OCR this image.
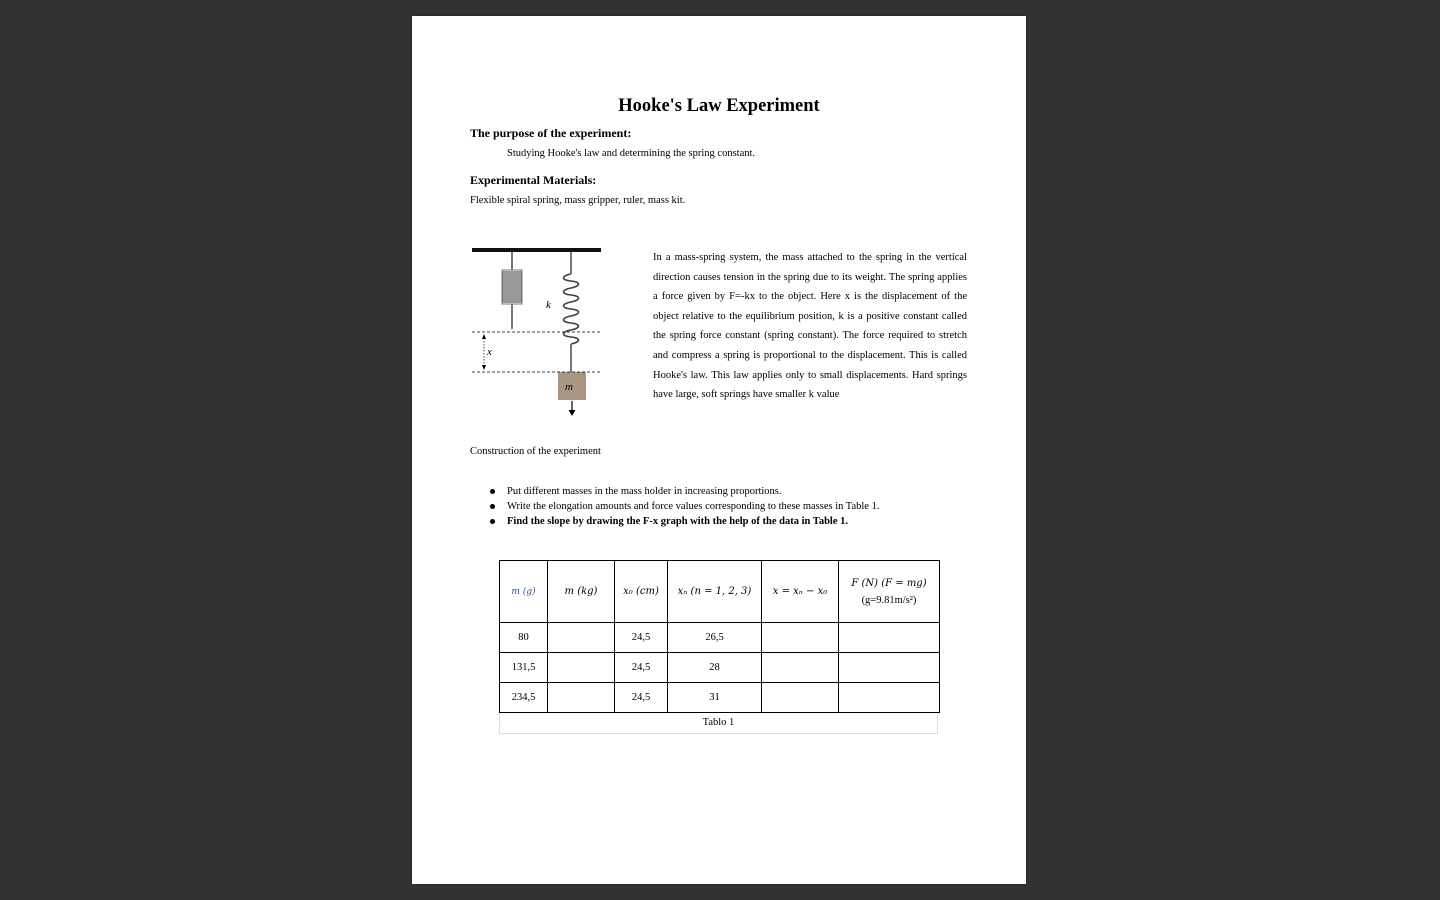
Hooke's Law Experiment
The purpose of the experiment:
Studying Hooke's law and determining the spring constant.
Experimental Materials:
Flexible spiral spring, mass gripper, ruler, mass kit.
x
k
m

In a mass-spring system, the mass attached to the spring in the vertical direction causes tension in the spring due to its weight. The spring applies a force given by F=-kx to the object. Here x is the displacement of the object relative to the equilibrium position, k is a positive constant called the spring force constant (spring constant). The force required to stretch and compress a spring is proportional to the displacement. This is called Hooke's law. This law applies only to small displacements. Hard springs have large, soft springs have smaller k value

Construction of the experiment
Put different masses in the mass holder in increasing proportions.
Write the elongation amounts and force values corresponding to these masses in Table 1.
Find the slope by drawing the F-x graph with the help of the data in Table 1.
m (g)	m (kg)	x₀ (cm)	xₙ (n = 1, 2, 3)	x = xₙ − x₀	F (N) (F = mg)
(g=9.81m/s²)

80		24,5	26,5		
131,5		24,5	28		
234,5		24,5	31		
Tablo 1
